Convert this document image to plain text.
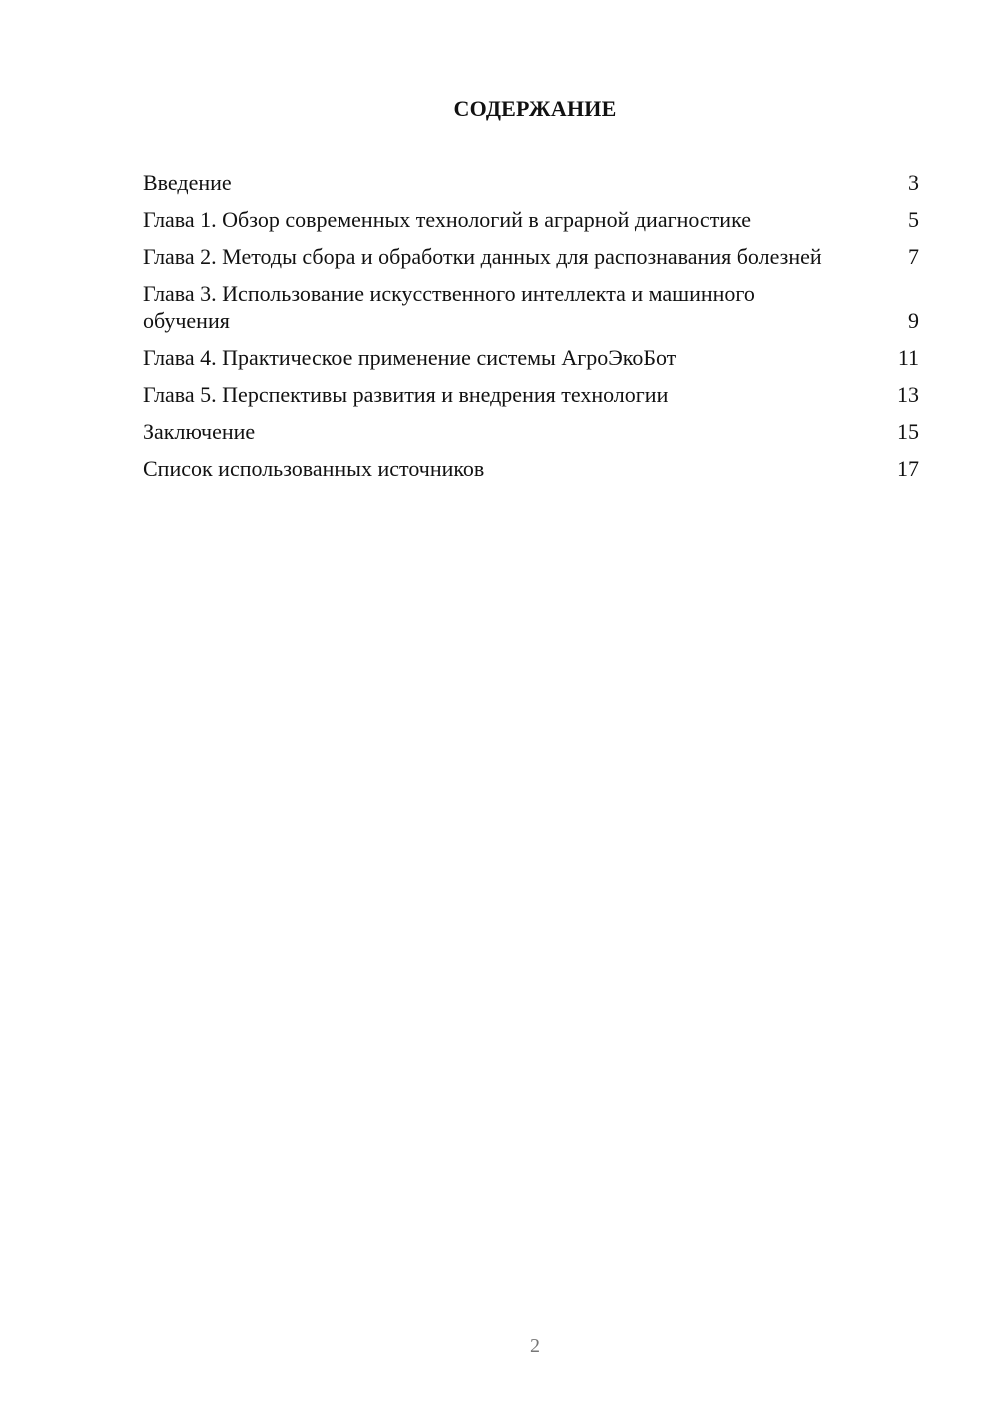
СОДЕРЖАНИЕ
Введение	3
Глава 1. Обзор современных технологий в аграрной диагностике	5
Глава 2. Методы сбора и обработки данных для распознавания болезней	7
Глава 3. Использование искусственного интеллекта и машинного обучения	9
Глава 4. Практическое применение системы АгроЭкоБот	11
Глава 5. Перспективы развития и внедрения технологии	13
Заключение	15
Список использованных источников	17
2
